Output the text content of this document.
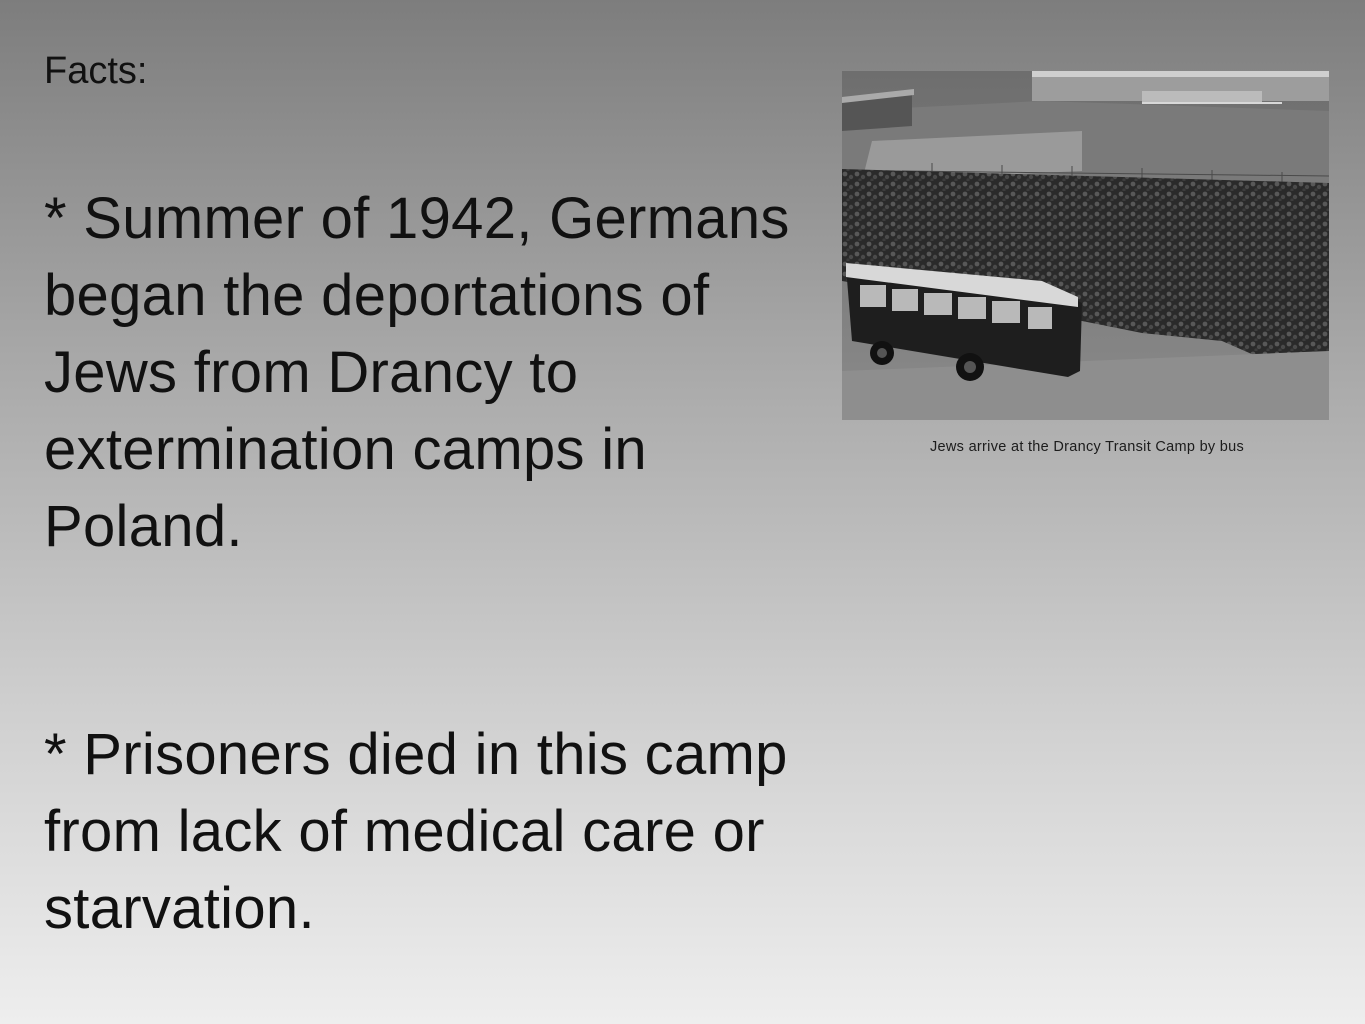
Facts:

* Summer of 1942, Germans began the deportations of Jews from Drancy to extermination camps in Poland.

* Prisoners died in this camp from lack of medical care or starvation.

Jews arrive at the Drancy Transit Camp by bus
